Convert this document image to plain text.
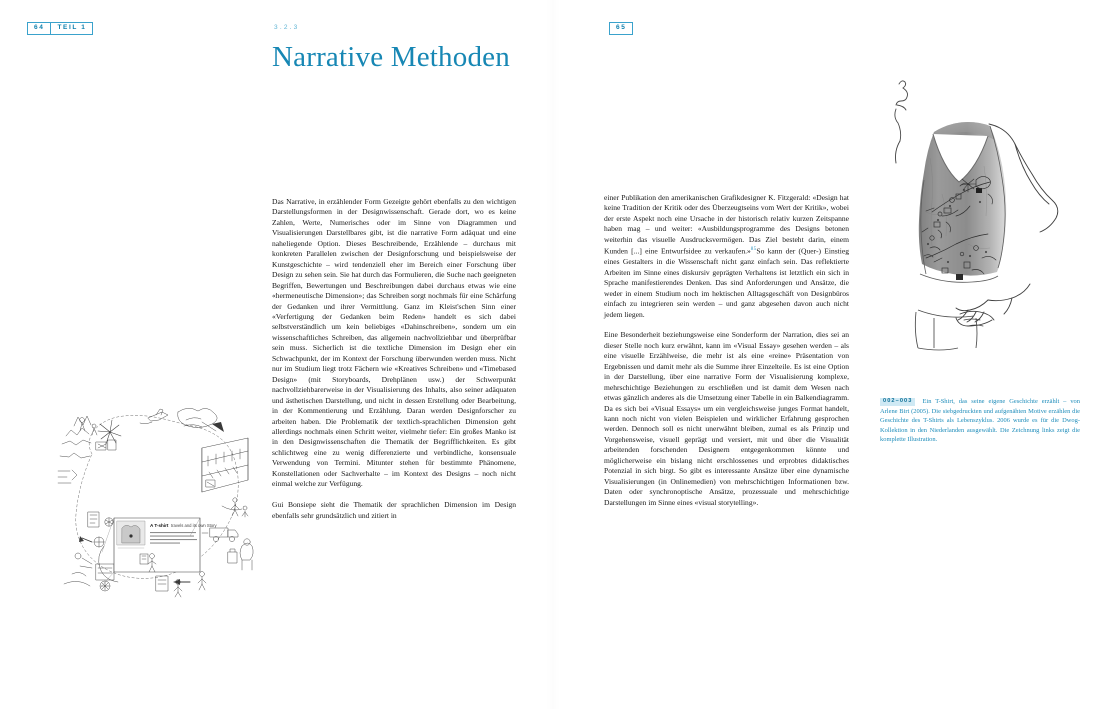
64	TEIL 1
A T-shirt travels and its own Story

Das Narrative, in erzählender Form Gezeigte gehört ebenfalls zu den wichtigen Darstellungsformen in der Designwissenschaft. Gerade dort, wo es keine Zahlen, Werte, Numerisches oder im Sinne von Diagrammen und Visualisierungen Darstellbares gibt, ist die narrative Form adäquat und eine naheliegende Option. Dieses Beschreibende, Erzählende – durchaus mit konkreten Parallelen zwischen der Designforschung und beispielsweise der Kunstgeschichte – wird tendenziell eher im Bereich einer Forschung über Design zu sehen sein. Sie hat durch das Formulieren, die Suche nach geeigneten Begriffen, Bewertungen und Beschreibungen dabei durchaus etwas wie eine «hermeneutische Dimension»; das Schreiben sorgt nochmals für eine Schärfung der Gedanken und ihrer Vermittlung. Ganz im Kleist'schen Sinn einer «Verfertigung der Gedanken beim Reden» handelt es sich dabei selbstverständlich um kein beliebiges «Dahinschreiben», sondern um ein wissenschaftliches Schreiben, das allgemein nachvollziehbar und überprüfbar sein muss. Sicherlich ist die textliche Dimension im Design eher ein Schwachpunkt, der im Kontext der Forschung überwunden werden muss. Nicht nur im Studium liegt trotz Fächern wie «Kreatives Schreiben» und «Timebased Design» (mit Storyboards, Drehplänen usw.) der Schwerpunkt nachvollziehbarerweise in der Visualisierung des Inhalts, also seiner adäquaten und ästhetischen Darstellung, und nicht in dessen Erstellung oder Bearbeitung, in der Kommentierung und Erzählung. Daran werden Designforscher zu arbeiten haben. Die Problematik der textlich-sprachlichen Dimension geht allerdings nochmals einen Schritt weiter, vielmehr tiefer: Ein großes Manko ist in den Designwissenschaften die Thematik der Begrifflichkeiten. Es gibt schlichtweg eine zu wenig differenzierte und verbindliche, konsensuale Verwendung von Termini. Mitunter stehen für bestimmte Phänomene, Konstellationen oder Sachverhalte – im Kontext des Designs – noch nicht einmal welche zur Verfügung.

Gui Bonsiepe sieht die Thematik der sprachlichen Dimension im Design ebenfalls sehr grundsätzlich und zitiert in

65
3.2.3
Narrative Methoden
002–003 Ein T-Shirt, das seine eigene Geschichte erzählt – von Arlene Birt (2005). Die siebgedruckten und aufgenähten Motive erzählen die Geschichte des T-Shirts als Lebenszyklus. 2006 wurde es für die Dwog-Kollektion in den Niederlanden ausgewählt. Die Zeichnung links zeigt die komplette Illustration.

einer Publikation den amerikanischen Grafikdesigner K. Fitzgerald: «Design hat keine Tradition der Kritik oder des Überzeugtseins vom Wert der Kritik», wobei der erste Aspekt noch eine Ursache in der historisch relativ kurzen Zeitspanne haben mag – und weiter: «Ausbildungsprogramme des Designs betonen weiterhin das visuelle Ausdrucksvermögen. Das Ziel besteht darin, einem Kunden [...] eine Entwurfsidee zu verkaufen.»$^{85}$So kann der (Quer-) Einstieg eines Gestalters in die Wissenschaft nicht ganz einfach sein. Das reflektierte Arbeiten im Sinne eines diskursiv geprägten Verhaltens ist letztlich ein sich in Sprache manifestierendes Denken. Das sind Anforderungen und Ansätze, die weder in einem Studium noch im hektischen Alltagsgeschäft von Designbüros einfach zu integrieren sein werden – und ganz abgesehen davon auch nicht jedem liegen.

Eine Besonderheit beziehungsweise eine Sonderform der Narration, dies sei an dieser Stelle noch kurz erwähnt, kann im «Visual Essay» gesehen werden – als eine visuelle Erzählweise, die mehr ist als eine «reine» Präsentation von Ergebnissen und damit mehr als die Summe ihrer Einzelteile. Es ist eine Option in der Darstellung, über eine narrative Form der Visualisierung komplexe, mehrschichtige Beziehungen zu erschließen und ist damit dem Wesen nach etwas gänzlich anderes als die Umsetzung einer Tabelle in ein Balkendiagramm. Da es sich bei «Visual Essays» um ein vergleichsweise junges Format handelt, kann noch nicht von vielen Beispielen und wirklicher Erfahrung gesprochen werden. Dennoch soll es nicht unerwähnt bleiben, zumal es als Prinzip und Vorgehensweise, visuell geprägt und versiert, mit und über die Visualität arbeitenden forschenden Designern entgegenkommen könnte und möglicherweise ein bislang nicht erschlossenes und erprobtes didaktisches Potenzial in sich birgt. So gibt es interessante Ansätze über eine dynamische Visualisierungen (in Onlinemedien) von mehrschichtigen Informationen bzw. Daten oder synchronoptische Ansätze, prozessuale und mehrschichtige Darstellungen im Sinne eines «visual storytelling».
